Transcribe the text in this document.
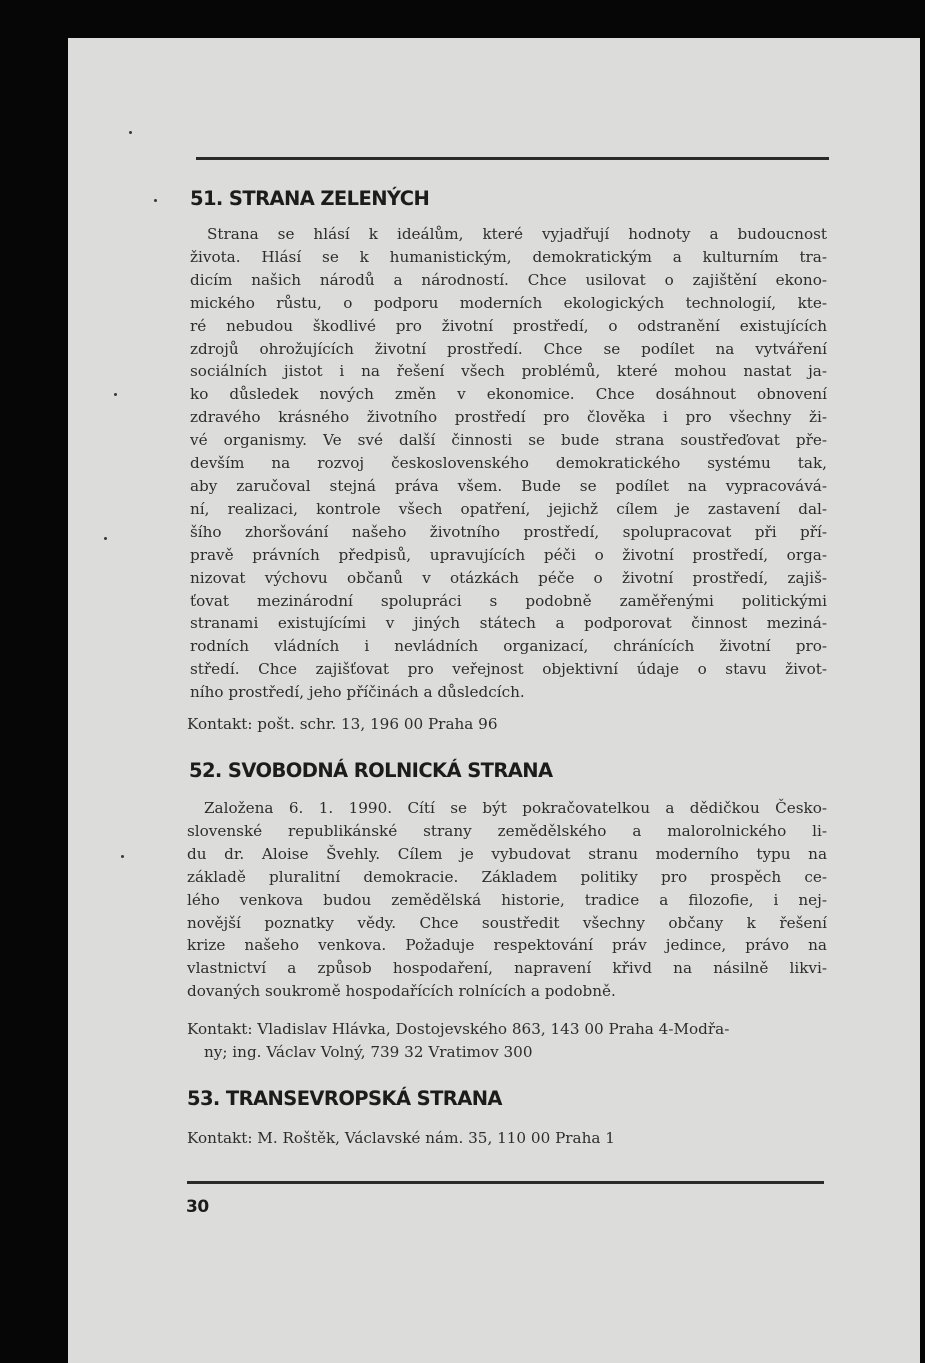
51. STRANA ZELENÝCH
Strana se hlásí k ideálům, které vyjadřují hodnoty a budoucnost
života. Hlásí se k humanistickým, demokratickým a kulturním tra-
dicím našich národů a národností. Chce usilovat o zajištění ekono-
mického růstu, o podporu moderních ekologických technologií, kte-
ré nebudou škodlivé pro životní prostředí, o odstranění existujících
zdrojů ohrožujících životní prostředí. Chce se podílet na vytváření
sociálních jistot i na řešení všech problémů, které mohou nastat ja-
ko důsledek nových změn v ekonomice. Chce dosáhnout obnovení
zdravého krásného životního prostředí pro člověka i pro všechny ži-
vé organismy. Ve své další činnosti se bude strana soustřeďovat pře-
devším na rozvoj československého demokratického systému tak,
aby zaručoval stejná práva všem. Bude se podílet na vypracovává-
ní, realizaci, kontrole všech opatření, jejichž cílem je zastavení dal-
šího zhoršování našeho životního prostředí, spolupracovat při pří-
pravě právních předpisů, upravujících péči o životní prostředí, orga-
nizovat výchovu občanů v otázkách péče o životní prostředí, zajiš-
ťovat mezinárodní spolupráci s podobně zaměřenými politickými
stranami existujícími v jiných státech a podporovat činnost meziná-
rodních vládních i nevládních organizací, chránících životní pro-
středí. Chce zajišťovat pro veřejnost objektivní údaje o stavu život-
ního prostředí, jeho příčinách a důsledcích.
Kontakt: pošt. schr. 13, 196 00 Praha 96
52. SVOBODNÁ ROLNICKÁ STRANA
Založena 6. 1. 1990. Cítí se být pokračovatelkou a dědičkou Česko-
slovenské republikánské strany zemědělského a malorolnického li-
du dr. Aloise Švehly. Cílem je vybudovat stranu moderního typu na
základě pluralitní demokracie. Základem politiky pro prospěch ce-
lého venkova budou zemědělská historie, tradice a filozofie, i nej-
novější poznatky vědy. Chce soustředit všechny občany k řešení
krize našeho venkova. Požaduje respektování práv jedince, právo na
vlastnictví a způsob hospodaření, napravení křivd na násilně likvi-
dovaných soukromě hospodařících rolnících a podobně.
Kontakt: Vladislav Hlávka, Dostojevského 863, 143 00 Praha 4-Modřa-
ny; ing. Václav Volný, 739 32 Vratimov 300
53. TRANSEVROPSKÁ STRANA
Kontakt: M. Roštěk, Václavské nám. 35, 110 00 Praha 1
30
